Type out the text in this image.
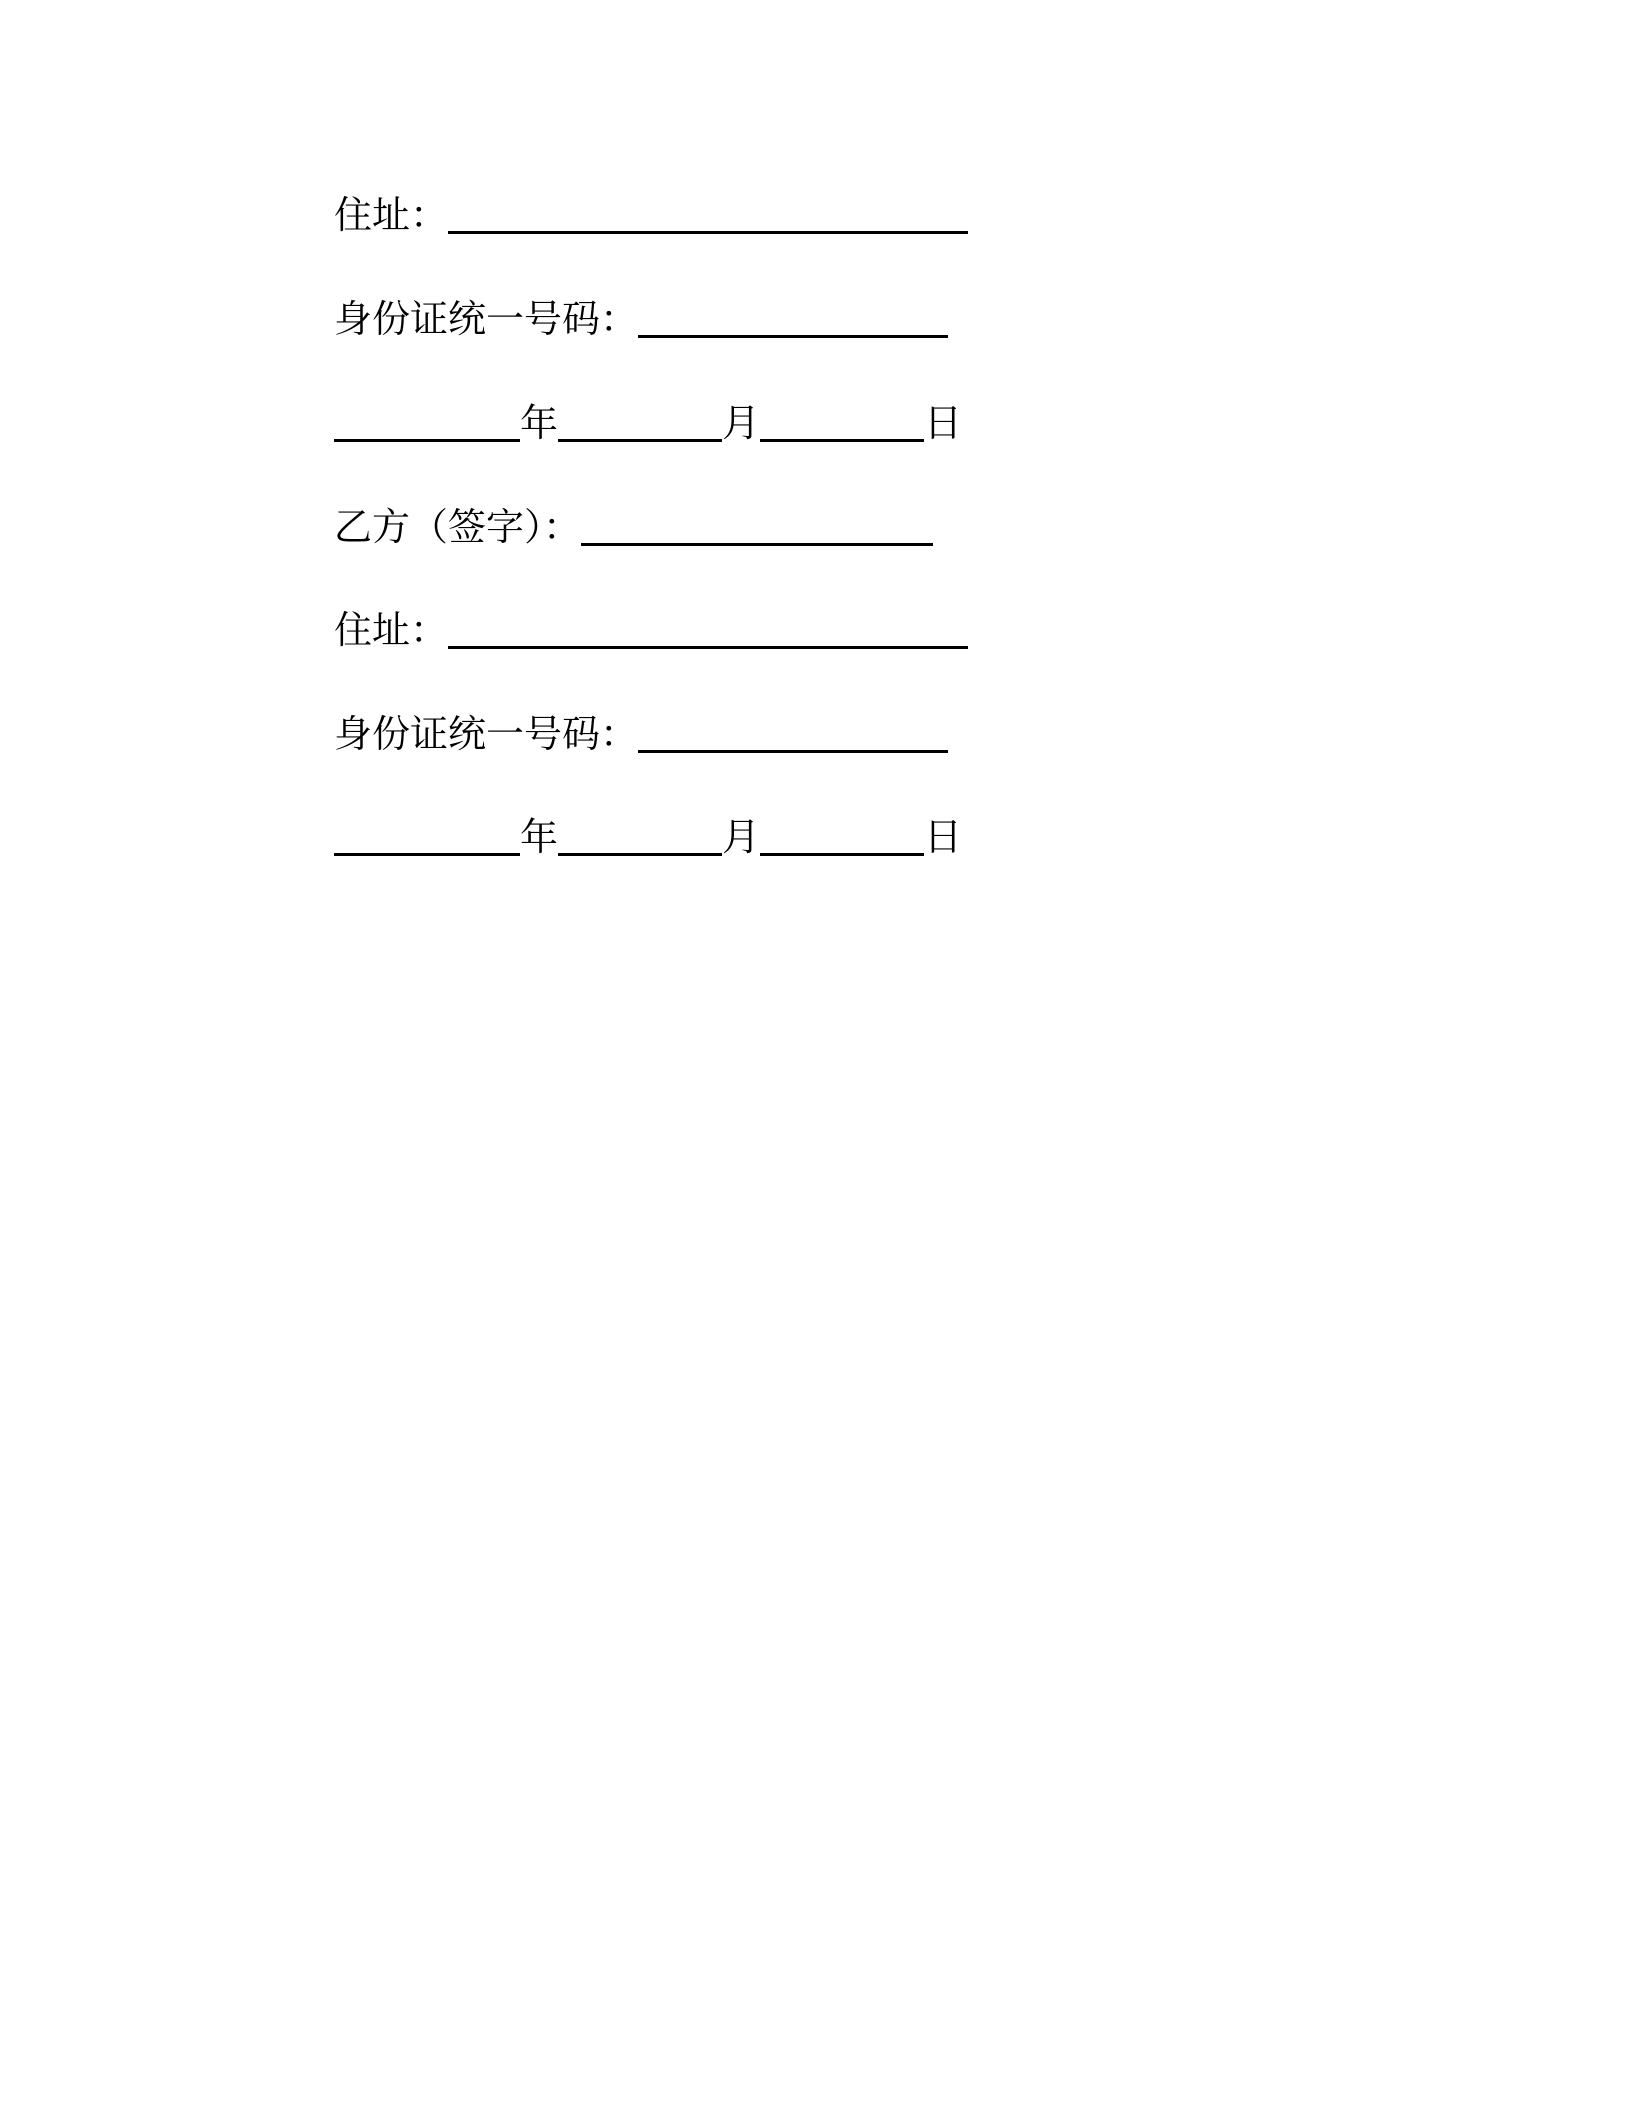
住址：
身份证统一号码：
年	月	日
乙方（签字）：
住址：
身份证统一号码：
年	月	日
